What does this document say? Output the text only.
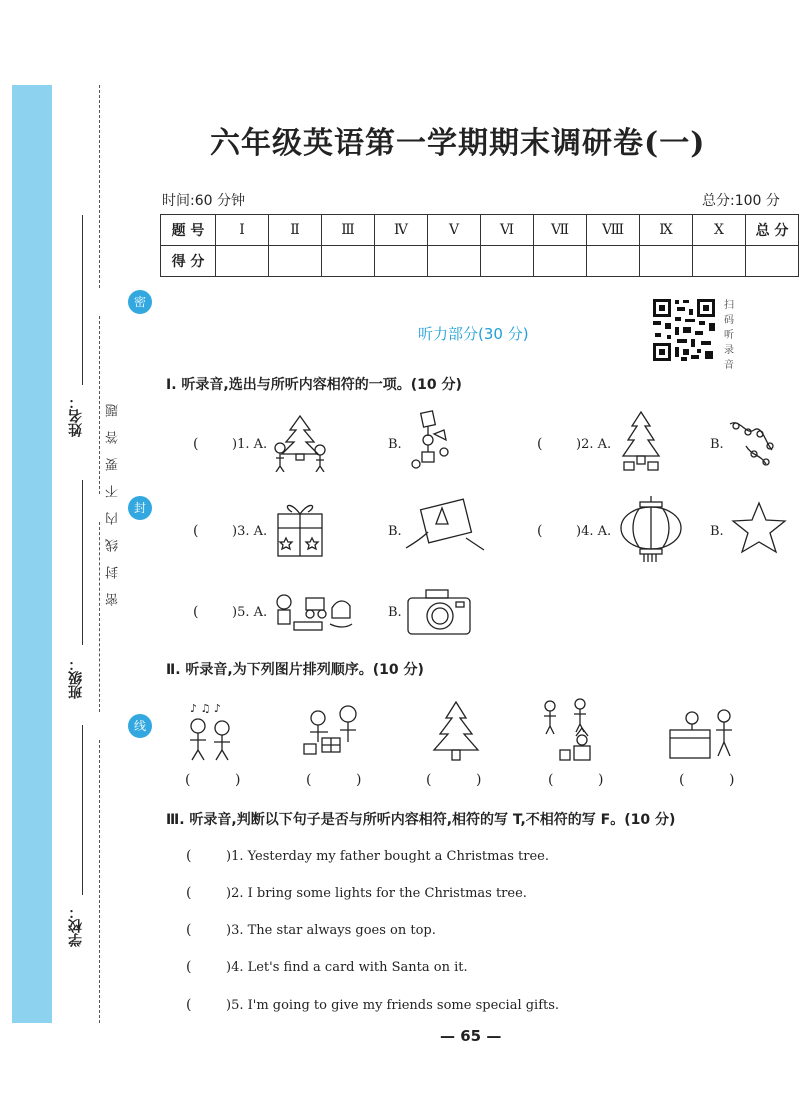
姓名：
班级：
学校：
密封线内不要答题
密
封
线
六年级英语第一学期期末调研卷(一)
时间:60 分钟	总分:100 分
题 号	Ⅰ	Ⅱ	Ⅲ	Ⅳ	Ⅴ	Ⅵ	Ⅶ	Ⅷ	Ⅸ	Ⅹ	总 分
得 分											
扫码听录音
听力部分(30 分)
Ⅰ. 听录音,选出与所听内容相符的一项。(10 分)
(	)1. A.	B.	(	)2. A.	B.
(	)3. A.	B.	(	)4. A.	B.
(	)5. A.	B.
Ⅱ. 听录音,为下列图片排列顺序。(10 分)
♪ ♫ ♪
(          )	(          )	(          )	(          )	(          )
Ⅲ. 听录音,判断以下句子是否与所听内容相符,相符的写 T,不相符的写 F。(10 分)
(	)1. Yesterday my father bought a Christmas tree.
(	)2. I bring some lights for the Christmas tree.
(	)3. The star always goes on top.
(	)4. Let's find a card with Santa on it.
(	)5. I'm going to give my friends some special gifts.
— 65 —
